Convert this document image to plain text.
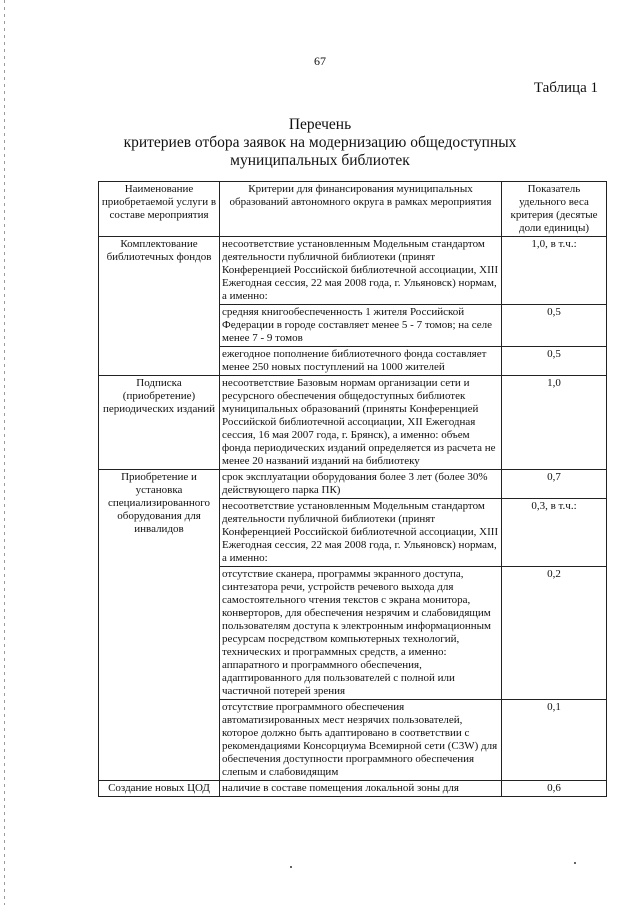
67
Таблица 1
Перечень
критериев отбора заявок на модернизацию общедоступных
муниципальных библиотек
Наименование приобретаемой услуги в составе мероприятия	Критерии для финансирования муниципальных образований автономного округа в рамках мероприятия	Показатель удельного веса критерия (десятые доли единицы)
Комплектование библиотечных фондов	несоответствие установленным Модельным стандартом деятельности публичной библиотеки (принят Конференцией Российской библиотечной ассоциации, XIII Ежегодная сессия, 22 мая 2008 года, г. Ульяновск) нормам, а именно:	1,0, в т.ч.:
	средняя книгообеспеченность 1 жителя Российской Федерации в городе составляет менее 5 - 7 томов; на селе менее 7 - 9 томов	0,5
	ежегодное пополнение библиотечного фонда составляет менее 250 новых поступлений на 1000 жителей	0,5
Подписка (приобретение) периодических изданий	несоответствие Базовым нормам организации сети и ресурсного обеспечения общедоступных библиотек муниципальных образований (приняты Конференцией Российской библиотечной ассоциации, XII Ежегодная сессия, 16 мая 2007 года, г. Брянск), а именно: объем фонда периодических изданий определяется из расчета не менее 20 названий изданий на библиотеку	1,0
Приобретение и установка специализированного оборудования для инвалидов	срок эксплуатации оборудования более 3 лет (более 30% действующего парка ПК)	0,7
	несоответствие установленным Модельным стандартом деятельности публичной библиотеки (принят Конференцией Российской библиотечной ассоциации, XIII Ежегодная сессия, 22 мая 2008 года, г. Ульяновск) нормам, а именно:	0,3, в т.ч.:
	отсутствие сканера, программы экранного доступа, синтезатора речи, устройств речевого выхода для самостоятельного чтения текстов с экрана монитора, конверторов, для обеспечения незрячим и слабовидящим пользователям доступа к электронным информационным ресурсам посредством компьютерных технологий, технических и программных средств, а именно: аппаратного и программного обеспечения, адаптированного для пользователей с полной или частичной потерей зрения	0,2
	отсутствие программного обеспечения автоматизированных мест незрячих пользователей, которое должно быть адаптировано в соответствии с рекомендациями Консорциума Всемирной сети (C3W) для обеспечения доступности программного обеспечения слепым и слабовидящим	0,1
Создание новых ЦОД	наличие в составе помещения локальной зоны для	0,6
